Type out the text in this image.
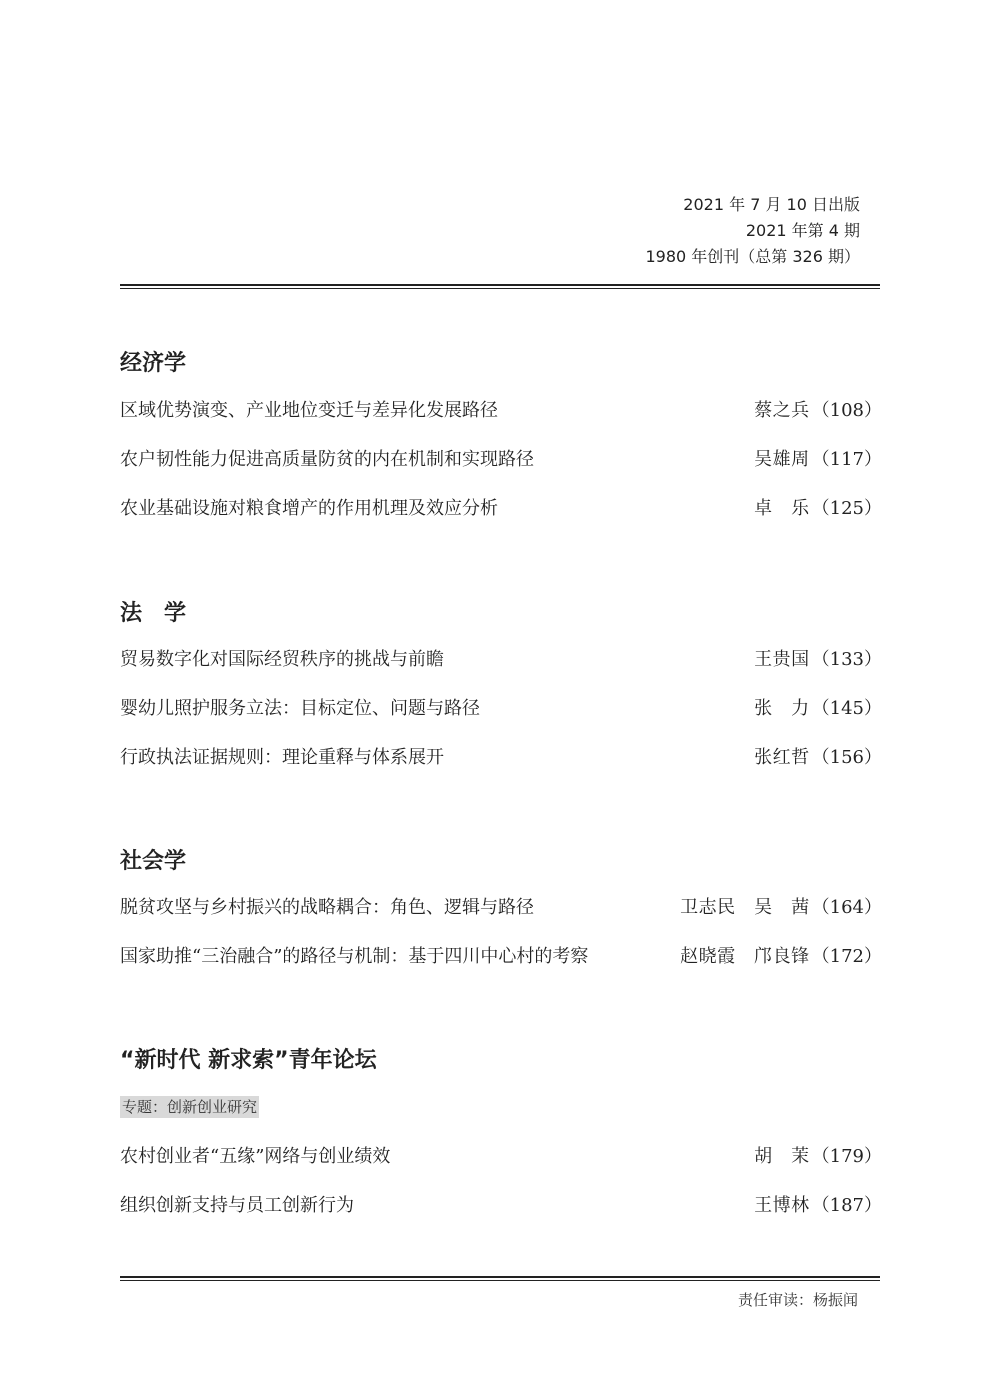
2021 年 7 月 10 日出版
2021 年第 4 期
1980 年创刊（总第 326 期）
经济学
区域优势演变、产业地位变迁与差异化发展路径	蔡之兵 （108）
农户韧性能力促进高质量防贫的内在机制和实现路径	吴雄周 （117）
农业基础设施对粮食增产的作用机理及效应分析	卓　乐 （125）
法　学
贸易数字化对国际经贸秩序的挑战与前瞻	王贵国 （133）
婴幼儿照护服务立法：目标定位、问题与路径	张　力 （145）
行政执法证据规则：理论重释与体系展开	张红哲 （156）
社会学
脱贫攻坚与乡村振兴的战略耦合：角色、逻辑与路径	卫志民　吴　茜 （164）
国家助推“三治融合”的路径与机制：基于四川中心村的考察	赵晓霞　邝良锋 （172）
“新时代 新求索”青年论坛
专题：创新创业研究
农村创业者“五缘”网络与创业绩效	胡　茉 （179）
组织创新支持与员工创新行为	王博林 （187）
责任审读：杨振闻
